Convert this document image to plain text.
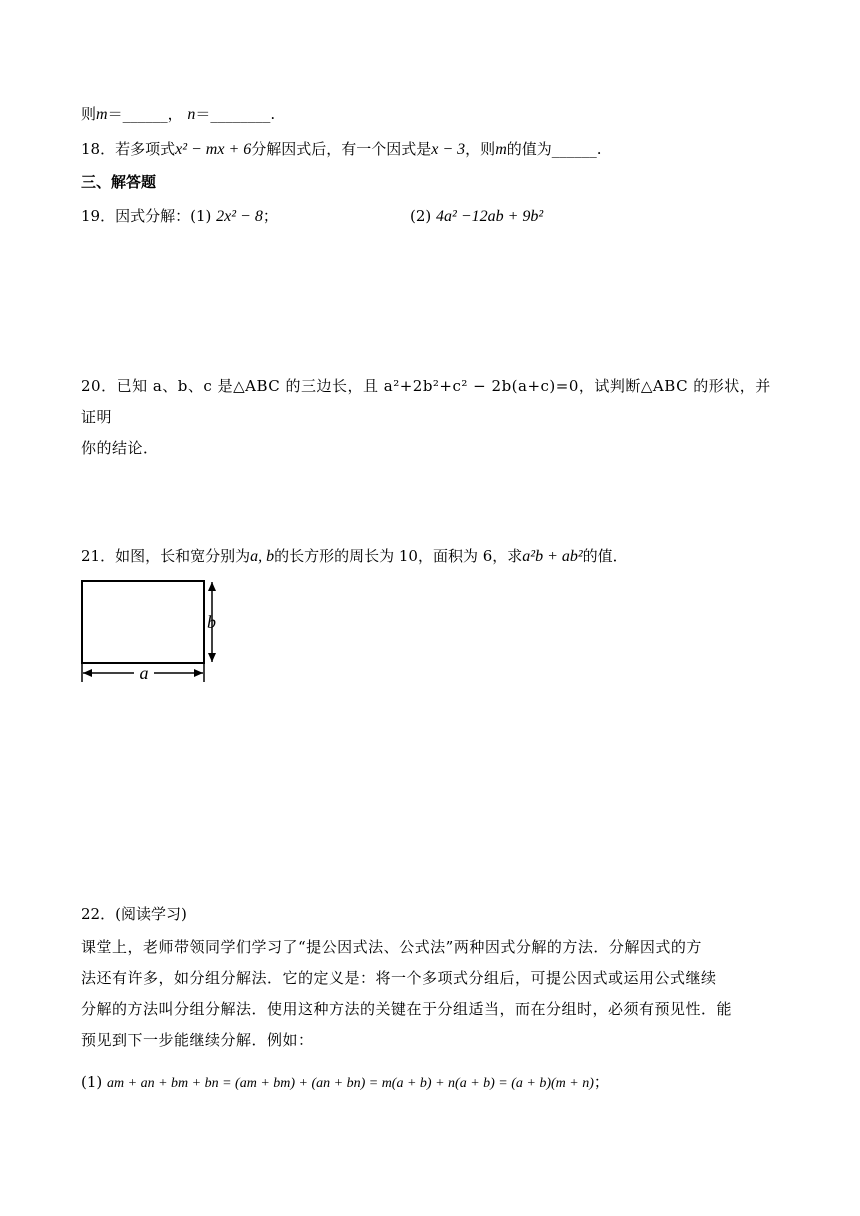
则m＝______， n＝________.
18．若多项式x² − mx + 6分解因式后，有一个因式是x − 3，则m的值为______.
三、解答题
19．因式分解：(1) 2x² − 8；	(2) 4a² −12ab + 9b²
20．已知 a、b、c 是△ABC 的三边长，且 a²+2b²+c² − 2b(a+c)=0，试判断△ABC 的形状，并证明
你的结论．
21．如图，长和宽分别为a, b的长方形的周长为 10，面积为 6，求a²b + ab²的值．
a
b
22．(阅读学习)
课堂上，老师带领同学们学习了“提公因式法、公式法”两种因式分解的方法．分解因式的方
法还有许多，如分组分解法．它的定义是：将一个多项式分组后，可提公因式或运用公式继续
分解的方法叫分组分解法．使用这种方法的关键在于分组适当，而在分组时，必须有预见性．能
预见到下一步能继续分解．例如：
(1) am + an + bm + bn = (am + bm) + (an + bn) = m(a + b) + n(a + b) = (a + b)(m + n)；
